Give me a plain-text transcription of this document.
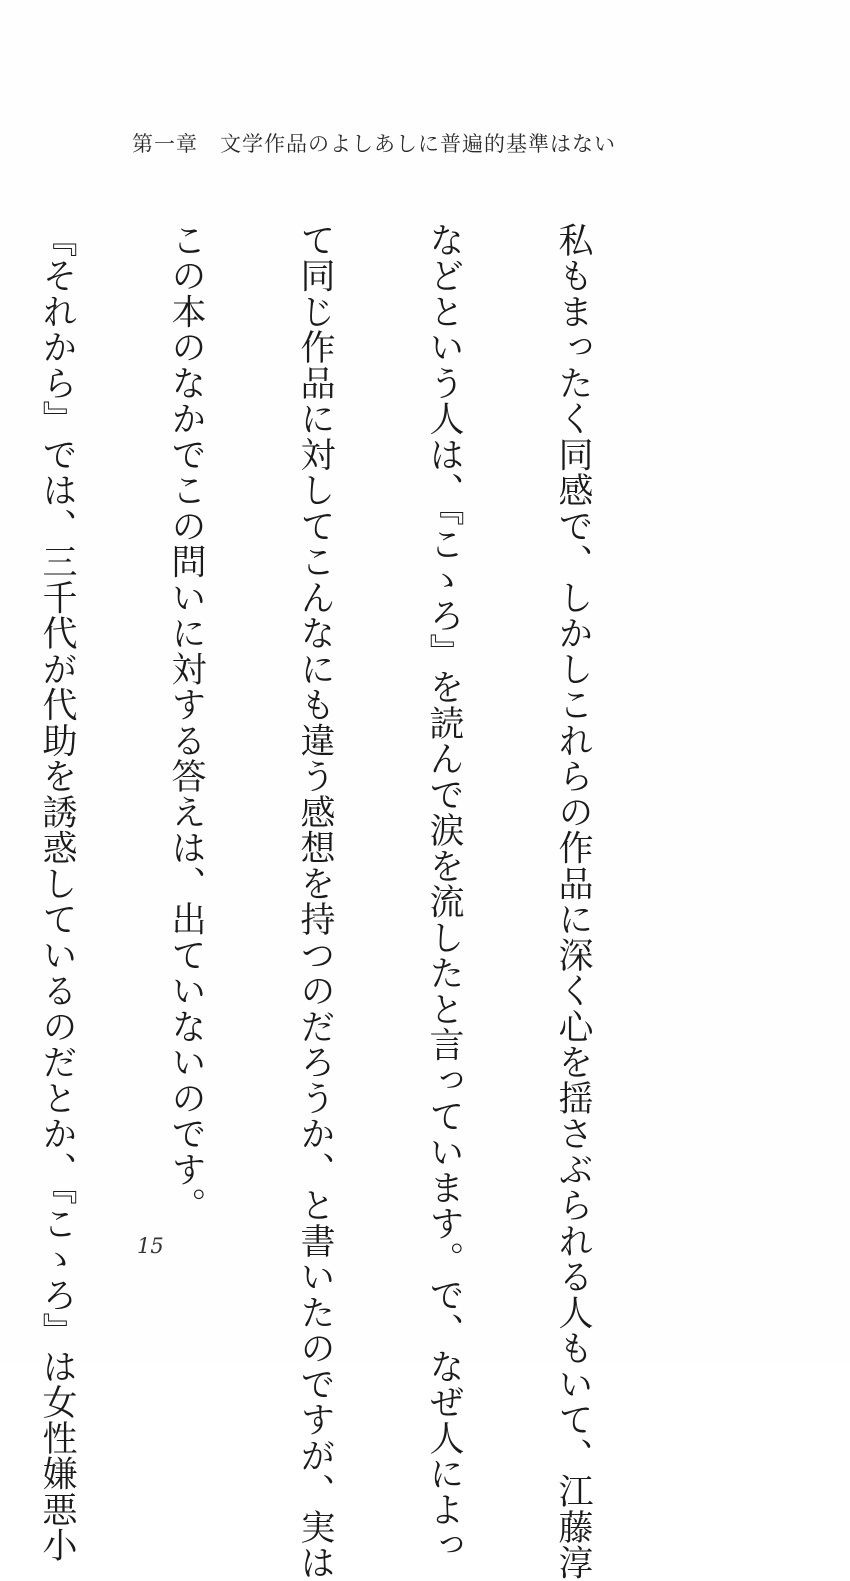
第一章 文学作品のよしあしに普遍的基準はない

私もまったく同感で、しかしこれらの作品に深く心を揺さぶられる人もいて、江藤淳

などという人は、『こゝろ』を読んで涙を流したと言っています。で、なぜ人によっ

て同じ作品に対してこんなにも違う感想を持つのだろうか、と書いたのですが、実は

この本のなかでこの問いに対する答えは、出ていないのです。

『それから』では、三千代が代助を誘惑しているのだとか、『こゝろ』は女性嫌悪小

	15
